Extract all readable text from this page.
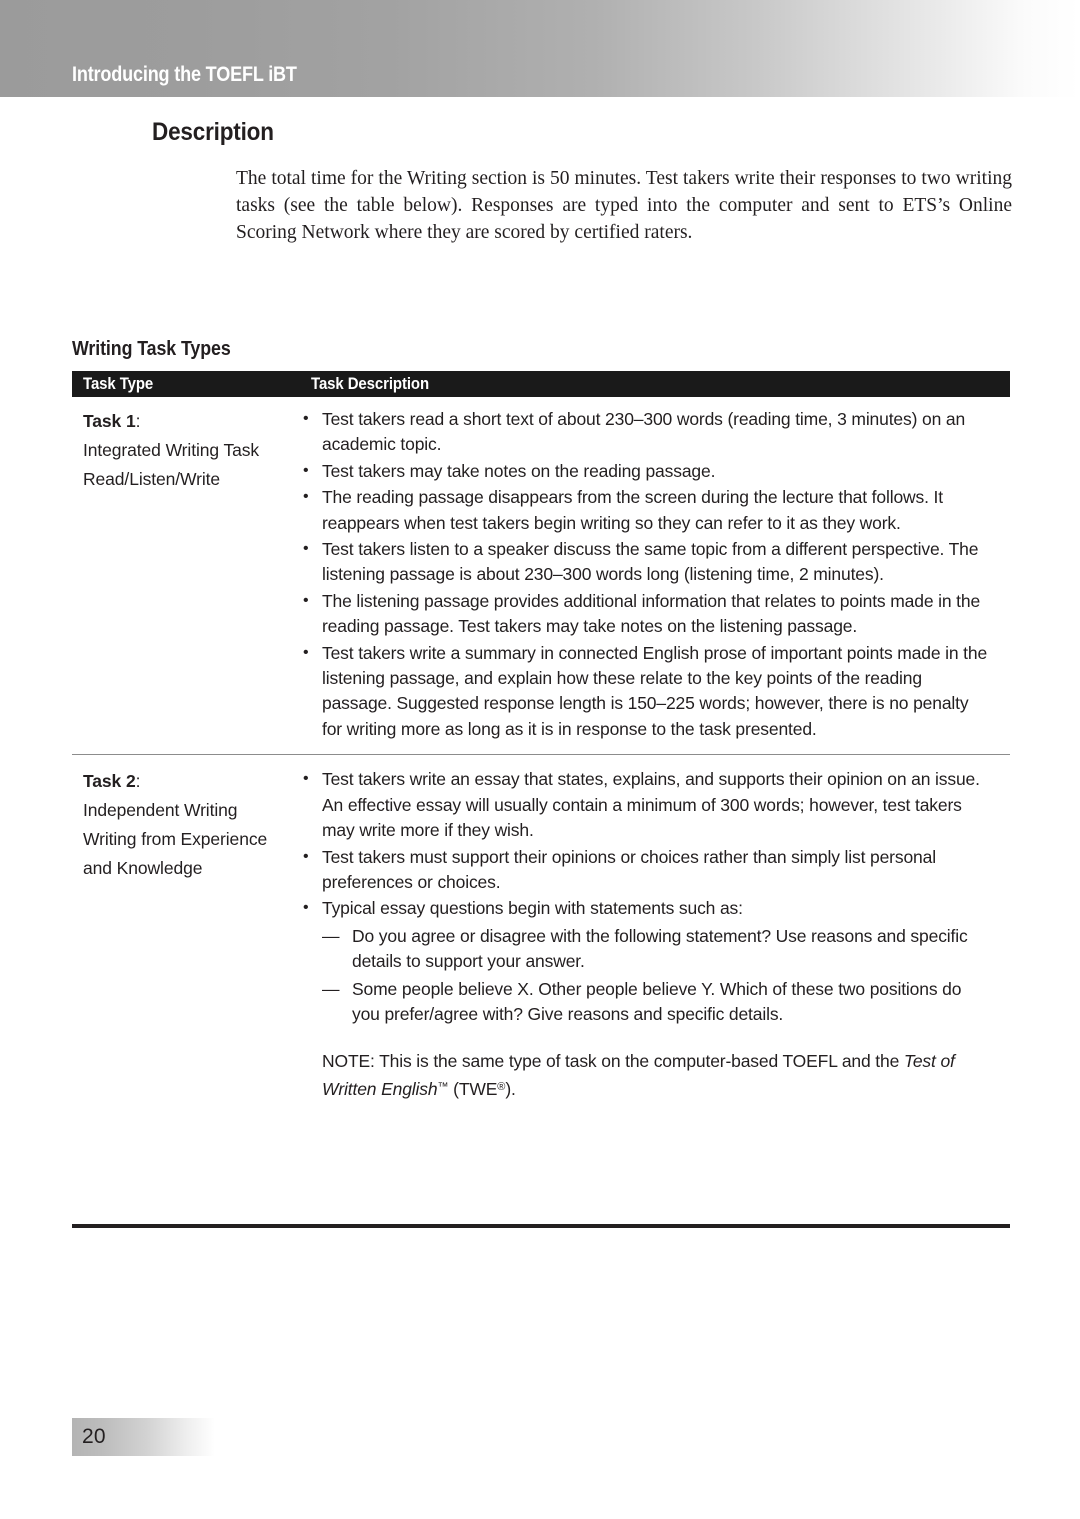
Introducing the TOEFL iBT
Description

The total time for the Writing section is 50 minutes. Test takers write their responses to two writing tasks (see the table below). Responses are typed into the computer and sent to ETS’s Online Scoring Network where they are scored by certified raters.

Writing Task Types
Task Type	Task Description
Task 1:
Integrated Writing Task
Read/Listen/Write
• Test takers read a short text of about 230–300 words (reading time, 3 minutes) on an academic topic.
• Test takers may take notes on the reading passage.
• The reading passage disappears from the screen during the lecture that follows. It reappears when test takers begin writing so they can refer to it as they work.
• Test takers listen to a speaker discuss the same topic from a different perspective. The listening passage is about 230–300 words long (listening time, 2 minutes).
• The listening passage provides additional information that relates to points made in the reading passage. Test takers may take notes on the listening passage.
• Test takers write a summary in connected English prose of important points made in the listening passage, and explain how these relate to the key points of the reading passage. Suggested response length is 150–225 words; however, there is no penalty for writing more as long as it is in response to the task presented.
Task 2:
Independent Writing
Writing from Experience
and Knowledge
• Test takers write an essay that states, explains, and supports their opinion on an issue. An effective essay will usually contain a minimum of 300 words; however, test takers may write more if they wish.
• Test takers must support their opinions or choices rather than simply list personal preferences or choices.
• Typical essay questions begin with statements such as:
— Do you agree or disagree with the following statement? Use reasons and specific details to support your answer.
— Some people believe X. Other people believe Y. Which of these two positions do you prefer/agree with? Give reasons and specific details.

NOTE: This is the same type of task on the computer-based TOEFL and the Test of Written English™ (TWE®).

20
